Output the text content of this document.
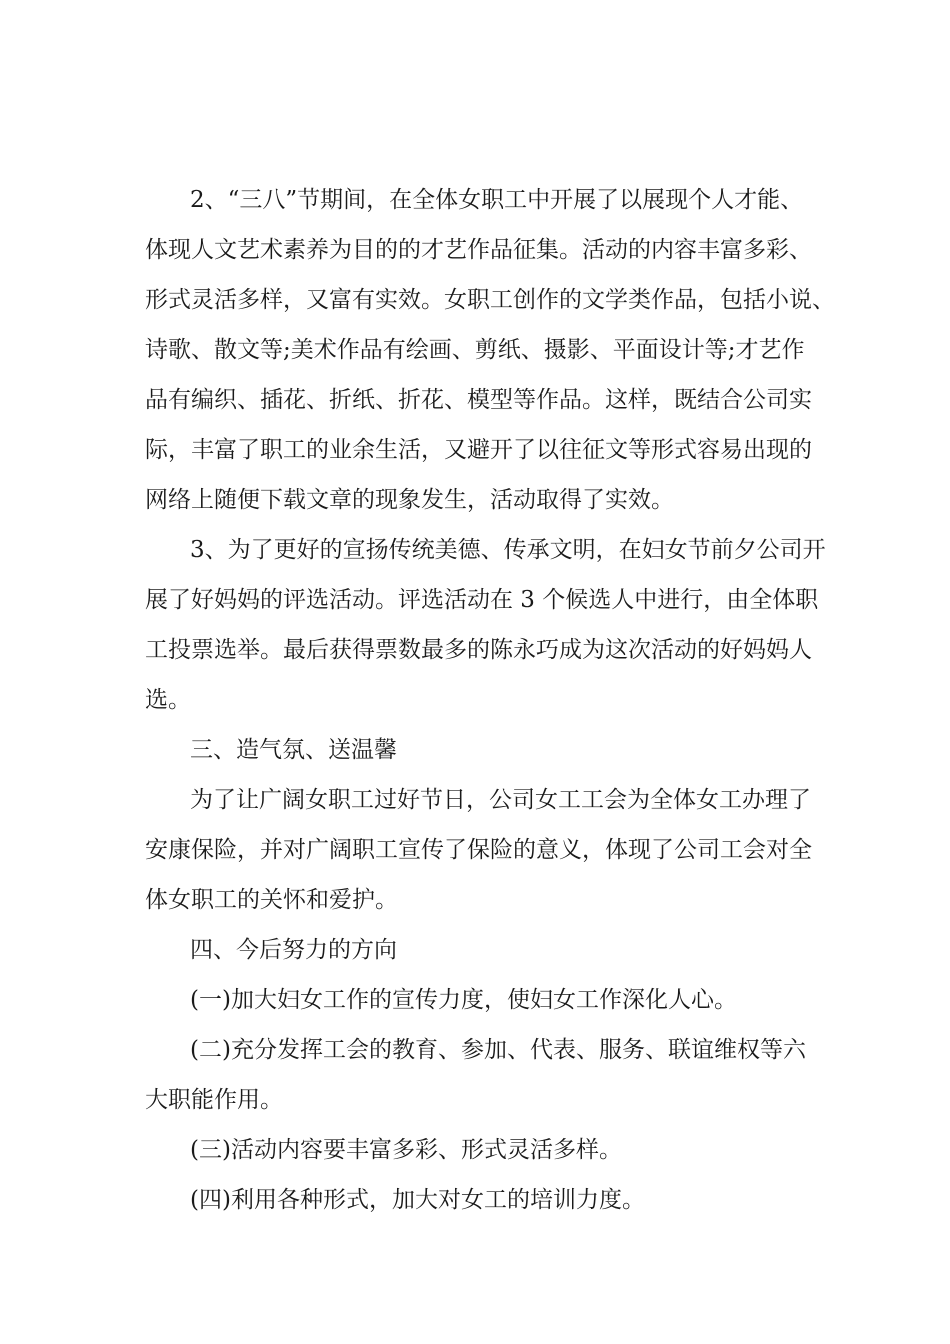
2、“三八”节期间，在全体女职工中开展了以展现个人才能、
体现人文艺术素养为目的的才艺作品征集。活动的内容丰富多彩、
形式灵活多样，又富有实效。女职工创作的文学类作品，包括小说、
诗歌、散文等;美术作品有绘画、剪纸、摄影、平面设计等;才艺作
品有编织、插花、折纸、折花、模型等作品。这样，既结合公司实
际，丰富了职工的业余生活，又避开了以往征文等形式容易出现的
网络上随便下载文章的现象发生，活动取得了实效。
3、为了更好的宣扬传统美德、传承文明，在妇女节前夕公司开
展了好妈妈的评选活动。评选活动在 3 个候选人中进行，由全体职
工投票选举。最后获得票数最多的陈永巧成为这次活动的好妈妈人
选。
三、造气氛、送温馨
为了让广阔女职工过好节日，公司女工工会为全体女工办理了
安康保险，并对广阔职工宣传了保险的意义，体现了公司工会对全
体女职工的关怀和爱护。
四、今后努力的方向
(一)加大妇女工作的宣传力度，使妇女工作深化人心。
(二)充分发挥工会的教育、参加、代表、服务、联谊维权等六
大职能作用。
(三)活动内容要丰富多彩、形式灵活多样。
(四)利用各种形式，加大对女工的培训力度。
